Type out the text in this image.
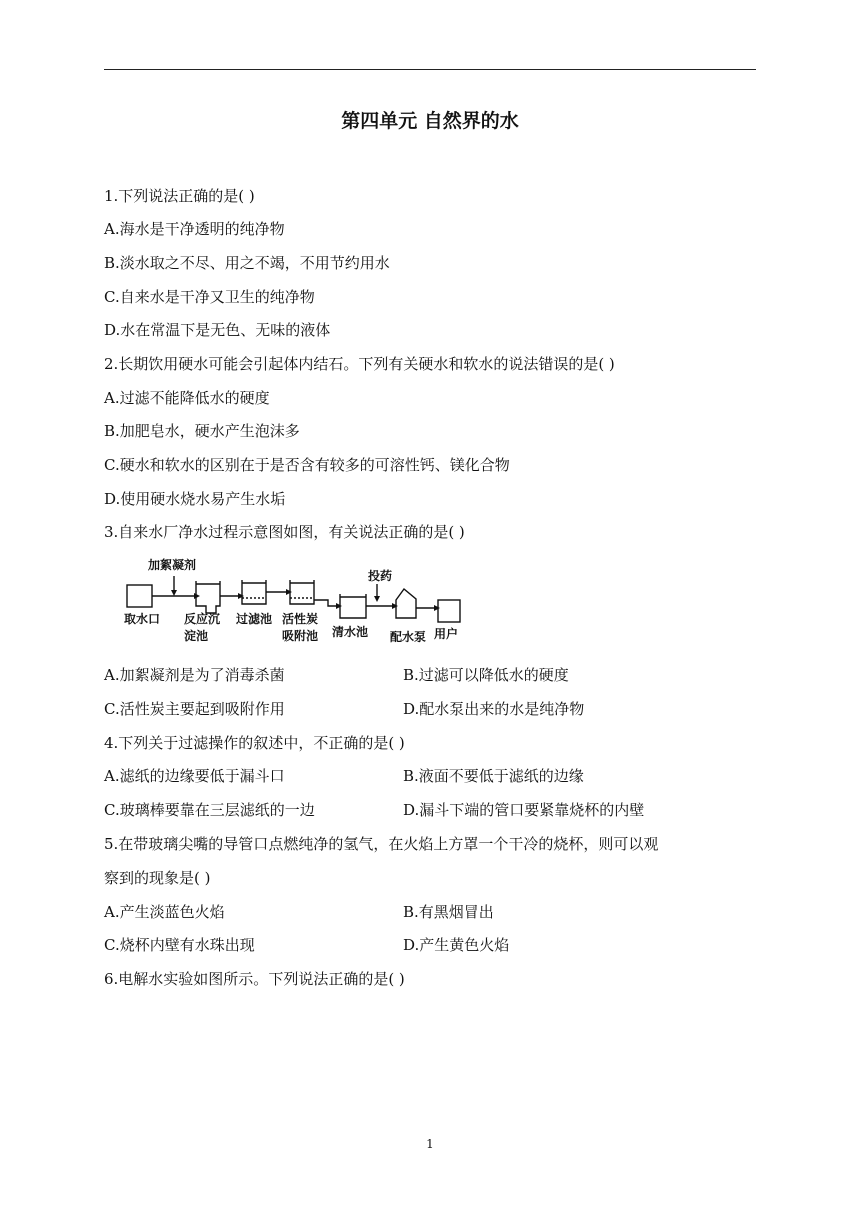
第四单元 自然界的水
1.下列说法正确的是( )
A.海水是干净透明的纯净物
B.淡水取之不尽、用之不竭，不用节约用水
C.自来水是干净又卫生的纯净物
D.水在常温下是无色、无味的液体
2.长期饮用硬水可能会引起体内结石。下列有关硬水和软水的说法错误的是( )
A.过滤不能降低水的硬度
B.加肥皂水，硬水产生泡沫多
C.硬水和软水的区别在于是否含有较多的可溶性钙、镁化合物
D.使用硬水烧水易产生水垢
3.自来水厂净水过程示意图如图，有关说法正确的是( )
加絮凝剂
投药
取水口 反应沉
淀池
过滤池 活性炭
吸附池 清水池 配水泵 用户
A.加絮凝剂是为了消毒杀菌	B.过滤可以降低水的硬度
C.活性炭主要起到吸附作用	D.配水泵出来的水是纯净物
4.下列关于过滤操作的叙述中，不正确的是( )
A.滤纸的边缘要低于漏斗口	B.液面不要低于滤纸的边缘
C.玻璃棒要靠在三层滤纸的一边	D.漏斗下端的管口要紧靠烧杯的内壁
5.在带玻璃尖嘴的导管口点燃纯净的氢气，在火焰上方罩一个干冷的烧杯，则可以观
察到的现象是( )
A.产生淡蓝色火焰	B.有黑烟冒出
C.烧杯内壁有水珠出现	D.产生黄色火焰
6.电解水实验如图所示。下列说法正确的是( )
1
